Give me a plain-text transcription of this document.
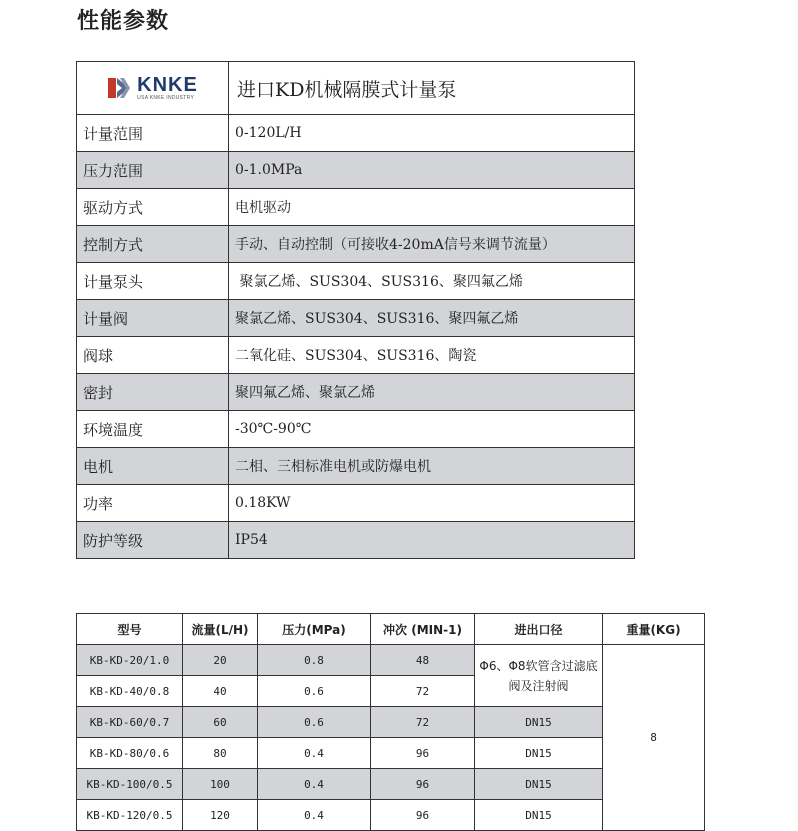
性能参数
KNKE
USA KNKE INDUSTRY	进口KD机械隔膜式计量泵
计量范围	0-120L/H
压力范围	0-1.0MPa
驱动方式	电机驱动
控制方式	手动、自动控制（可接收4-20mA信号来调节流量）
计量泵头	聚氯乙烯、SUS304、SUS316、聚四氟乙烯
计量阀	聚氯乙烯、SUS304、SUS316、聚四氟乙烯
阀球	二氧化硅、SUS304、SUS316、陶瓷
密封	聚四氟乙烯、聚氯乙烯
环境温度	-30℃-90℃
电机	二相、三相标准电机或防爆电机
功率	0.18KW
防护等级	IP54
型号	流量(L/H)	压力(MPa)	冲次 (MIN-1)	进出口径	重量(KG)
KB-KD-20/1.0	20	0.8	48	Φ6、Φ8软管含过滤底阀及注射阀	8
KB-KD-40/0.8	40	0.6	72		
KB-KD-60/0.7	60	0.6	72	DN15	
KB-KD-80/0.6	80	0.4	96	DN15	
KB-KD-100/0.5	100	0.4	96	DN15	
KB-KD-120/0.5	120	0.4	96	DN15	
